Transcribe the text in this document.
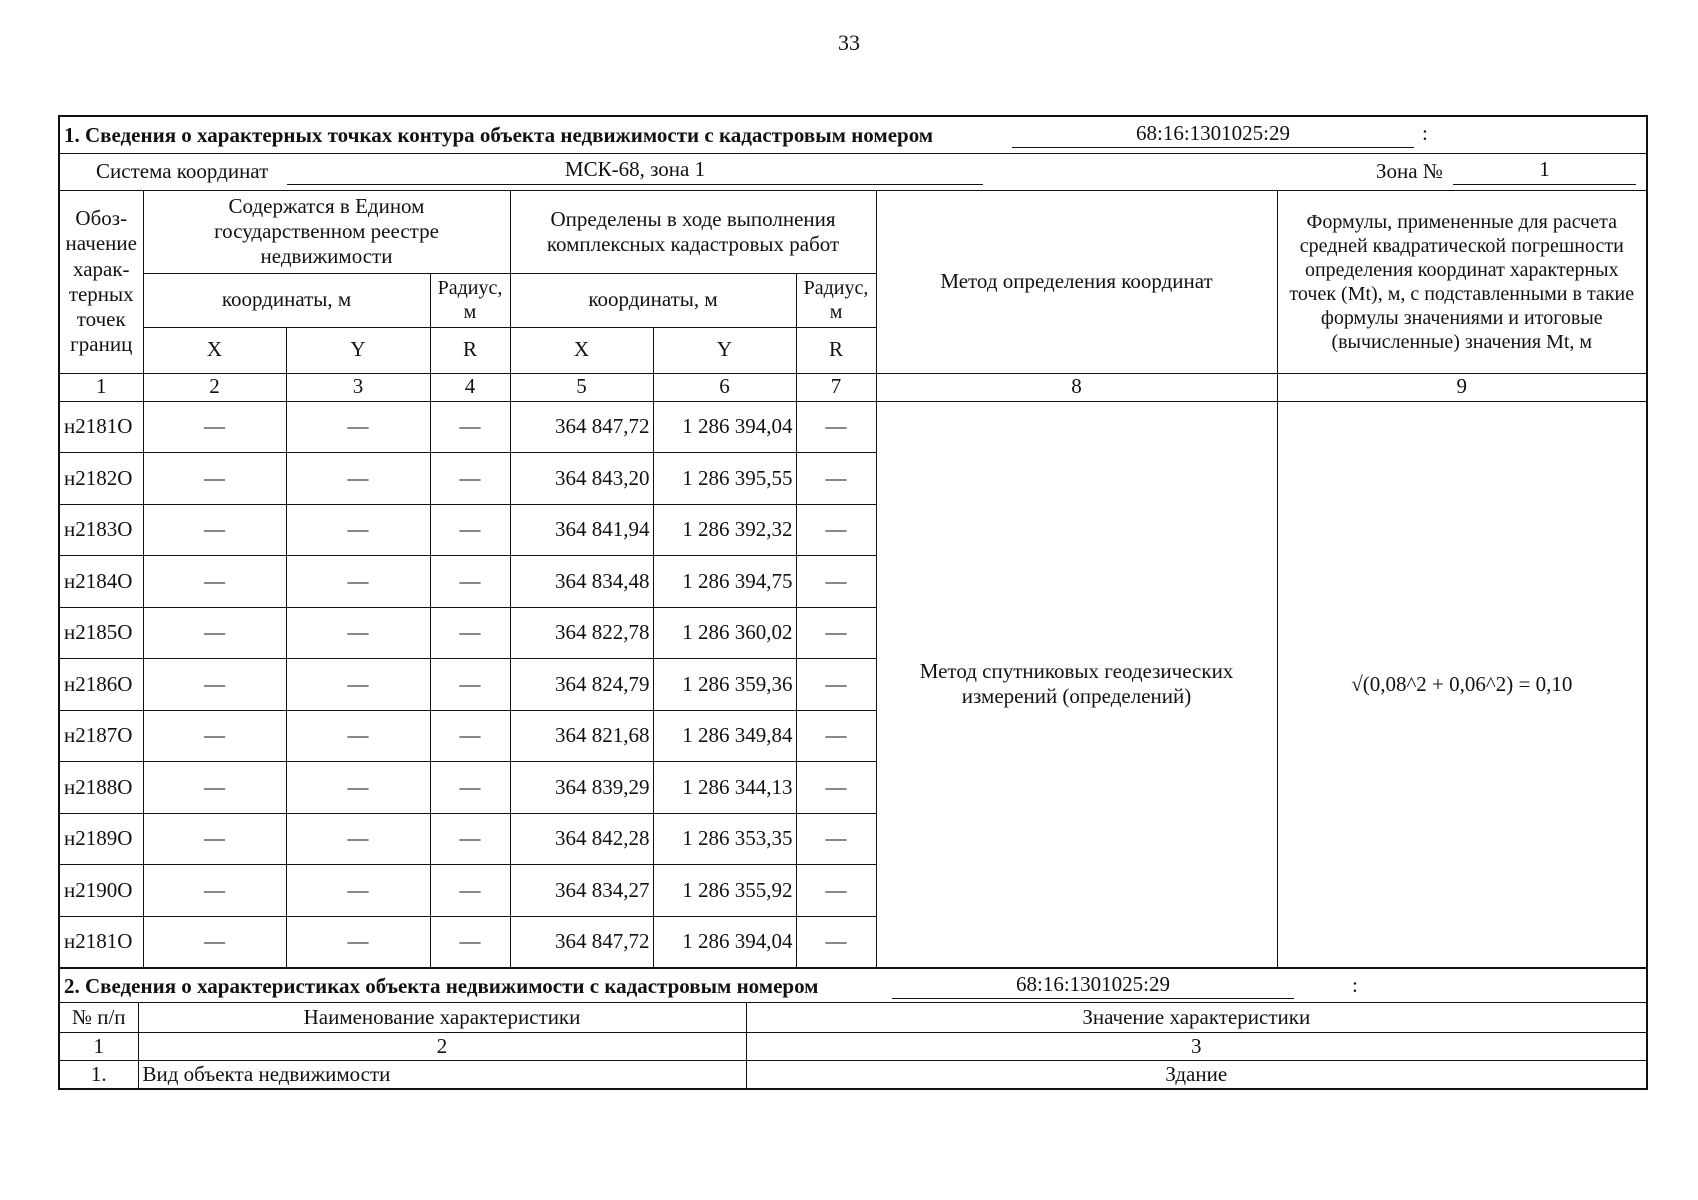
33
1. Сведения о характерных точках контура объекта недвижимости с кадастровым номером	68:16:1301025:29	:
Система координат	МСК-68, зона 1	Зона №	1
Обоз-начение харак-терных точек границ	Содержатся в Едином государственном реестре недвижимости			Определены в ходе выполнения комплексных кадастровых работ			Метод определения координат	Формулы, примененные для расчета средней квадратической погрешности определения координат характерных точек (Mt), м, с подставленными в такие формулы значениями и итоговые (вычисленные) значения Mt, м
	координаты, м		Радиус, м	координаты, м		Радиус, м		
	X	Y	R	X	Y	R		
1	2	3	4	5	6	7	8	9
н2181О	—	—	—	364 847,72	1 286 394,04	—	Метод спутниковых геодезических измерений (определений)	√(0,08^2 + 0,06^2) = 0,10
н2182О	—	—	—	364 843,20	1 286 395,55	—		
н2183О	—	—	—	364 841,94	1 286 392,32	—		
н2184О	—	—	—	364 834,48	1 286 394,75	—		
н2185О	—	—	—	364 822,78	1 286 360,02	—		
н2186О	—	—	—	364 824,79	1 286 359,36	—		
н2187О	—	—	—	364 821,68	1 286 349,84	—		
н2188О	—	—	—	364 839,29	1 286 344,13	—		
н2189О	—	—	—	364 842,28	1 286 353,35	—		
н2190О	—	—	—	364 834,27	1 286 355,92	—		
н2181О	—	—	—	364 847,72	1 286 394,04	—		
2. Сведения о характеристиках объекта недвижимости с кадастровым номером	68:16:1301025:29	:
№ п/п	Наименование характеристики	Значение характеристики
1	2	3
1.	Вид объекта недвижимости	Здание
